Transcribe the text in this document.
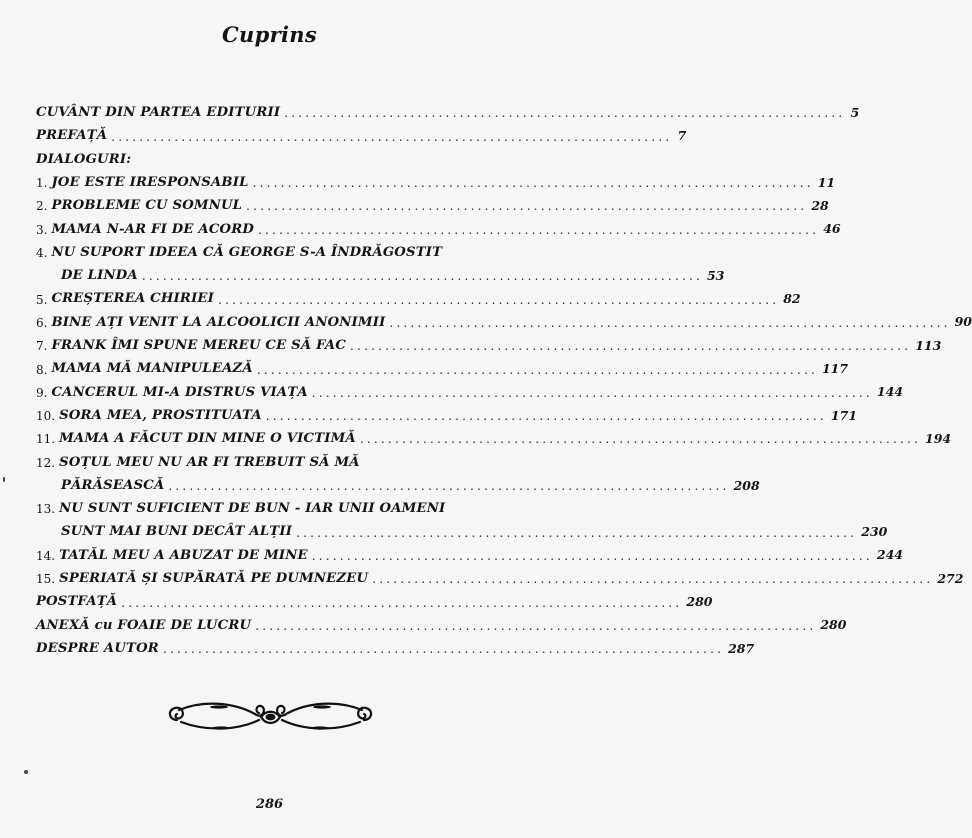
Cuprins
CUVÂNT DIN PARTEA EDITURII ................................................................................ 5
PREFAȚĂ ................................................................................ 7
DIALOGURI:
1. JOE ESTE IRESPONSABIL ................................................................................ 11
2. PROBLEME CU SOMNUL ................................................................................ 28
3. MAMA N-AR FI DE ACORD ................................................................................ 46
4. NU SUPORT IDEEA CĂ GEORGE S-A ÎNDRĂGOSTIT
DE LINDA ................................................................................ 53
5. CREȘTEREA CHIRIEI ................................................................................ 82
6. BINE AȚI VENIT LA ALCOOLICII ANONIMII ................................................................................ 90
7. FRANK ÎMI SPUNE MEREU CE SĂ FAC ................................................................................ 113
8. MAMA MĂ MANIPULEAZĂ ................................................................................ 117
9. CANCERUL MI-A DISTRUS VIAȚA ................................................................................ 144
10. SORA MEA, PROSTITUATA ................................................................................ 171
11. MAMA A FĂCUT DIN MINE O VICTIMĂ ................................................................................ 194
12. SOȚUL MEU NU AR FI TREBUIT SĂ MĂ
PĂRĂSEASCĂ ................................................................................ 208
13. NU SUNT SUFICIENT DE BUN - IAR UNII OAMENI
SUNT MAI BUNI DECÂT ALȚII ................................................................................ 230
14. TATĂL MEU A ABUZAT DE MINE ................................................................................ 244
15. SPERIATĂ ȘI SUPĂRATĂ PE DUMNEZEU ................................................................................ 272
POSTFAȚĂ ................................................................................ 280
ANEXĂ cu FOAIE DE LUCRU ................................................................................ 280
DESPRE AUTOR ................................................................................ 287
286
